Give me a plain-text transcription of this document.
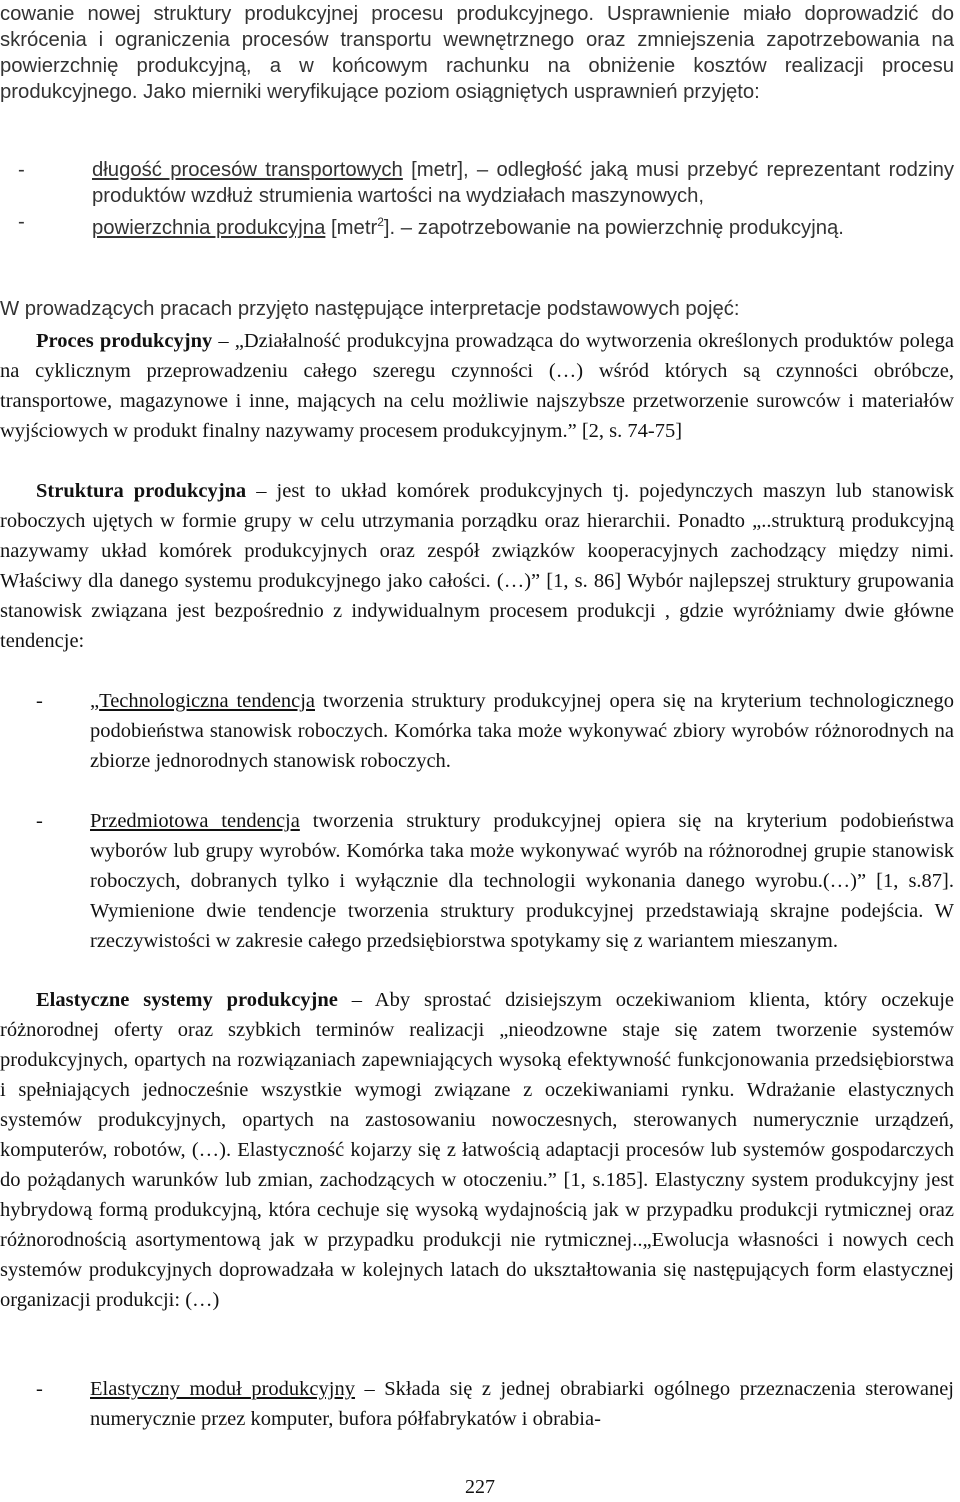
cowanie nowej struktury produkcyjnej procesu produkcyjnego. Usprawnienie miało doprowadzić do skrócenia i ograniczenia procesów transportu wewnętrznego oraz zmniejszenia zapotrzebowania na powierzchnię produkcyjną, a w końcowym rachunku na obniżenie kosztów realizacji procesu produkcyjnego. Jako mierniki weryfikujące poziom osiągniętych usprawnień przyjęto:

-	długość procesów transportowych [metr], – odległość jaką musi przebyć reprezentant rodziny produktów wzdłuż strumienia wartości na wydziałach maszynowych,
-	powierzchnia produkcyjna [metr$^2$]. – zapotrzebowanie na powierzchnię produkcyjną.

W prowadzących pracach przyjęto następujące interpretacje podstawowych pojęć:

Proces produkcyjny – „Działalność produkcyjna prowadząca do wytworzenia określonych produktów polega na cyklicznym przeprowadzeniu całego szeregu czynności (…) wśród których są czynności obróbcze, transportowe, magazynowe i inne, mających na celu możliwie najszybsze przetworzenie surowców i materiałów wyjściowych w produkt finalny nazywamy procesem produkcyjnym.” [2, s. 74-75]

Struktura produkcyjna – jest to układ komórek produkcyjnych tj. pojedynczych maszyn lub stanowisk roboczych ujętych w formie grupy w celu utrzymania porządku oraz hierarchii. Ponadto „..strukturą produkcyjną nazywamy układ komórek produkcyjnych oraz zespół związków kooperacyjnych zachodzący między nimi. Właściwy dla danego systemu produkcyjnego jako całości. (…)” [1, s. 86] Wybór najlepszej struktury grupowania stanowisk związana jest bezpośrednio z indywidualnym procesem produkcji , gdzie wyróżniamy dwie główne tendencje:

- „Technologiczna tendencja tworzenia struktury produkcyjnej opera się na kryterium technologicznego podobieństwa stanowisk roboczych. Komórka taka może wykonywać zbiory wyrobów różnorodnych na zbiorze jednorodnych stanowisk roboczych.
- Przedmiotowa tendencja tworzenia struktury produkcyjnej opiera się na kryterium podobieństwa wyborów lub grupy wyrobów. Komórka taka może wykonywać wyrób na różnorodnej grupie stanowisk roboczych, dobranych tylko i wyłącznie dla technologii wykonania danego wyrobu.(…)” [1, s.87]. Wymienione dwie tendencje tworzenia struktury produkcyjnej przedstawiają skrajne podejścia. W rzeczywistości w zakresie całego przedsiębiorstwa spotykamy się z wariantem mieszanym.

Elastyczne systemy produkcyjne – Aby sprostać dzisiejszym oczekiwaniom klienta, który oczekuje różnorodnej oferty oraz szybkich terminów realizacji „nieodzowne staje się zatem tworzenie systemów produkcyjnych, opartych na rozwiązaniach zapewniających wysoką efektywność funkcjonowania przedsiębiorstwa i spełniających jednocześnie wszystkie wymogi związane z oczekiwaniami rynku. Wdrażanie elastycznych systemów produkcyjnych, opartych na zastosowaniu nowoczesnych, sterowanych numerycznie urządzeń, komputerów, robotów, (…). Elastyczność kojarzy się z łatwością adaptacji procesów lub systemów gospodarczych do pożądanych warunków lub zmian, zachodzących w otoczeniu.” [1, s.185]. Elastyczny system produkcyjny jest hybrydową formą produkcyjną, która cechuje się wysoką wydajnością jak w przypadku produkcji rytmicznej oraz różnorodnością asortymentową jak w przypadku produkcji nie rytmicznej..„Ewolucja własności i nowych cech systemów produkcyjnych doprowadzała w kolejnych latach do ukształtowania się następujących form elastycznej organizacji produkcji: (…)

- Elastyczny moduł produkcyjny – Składa się z jednej obrabiarki ogólnego przeznaczenia sterowanej numerycznie przez komputer, bufora półfabrykatów i obrabia-
227
